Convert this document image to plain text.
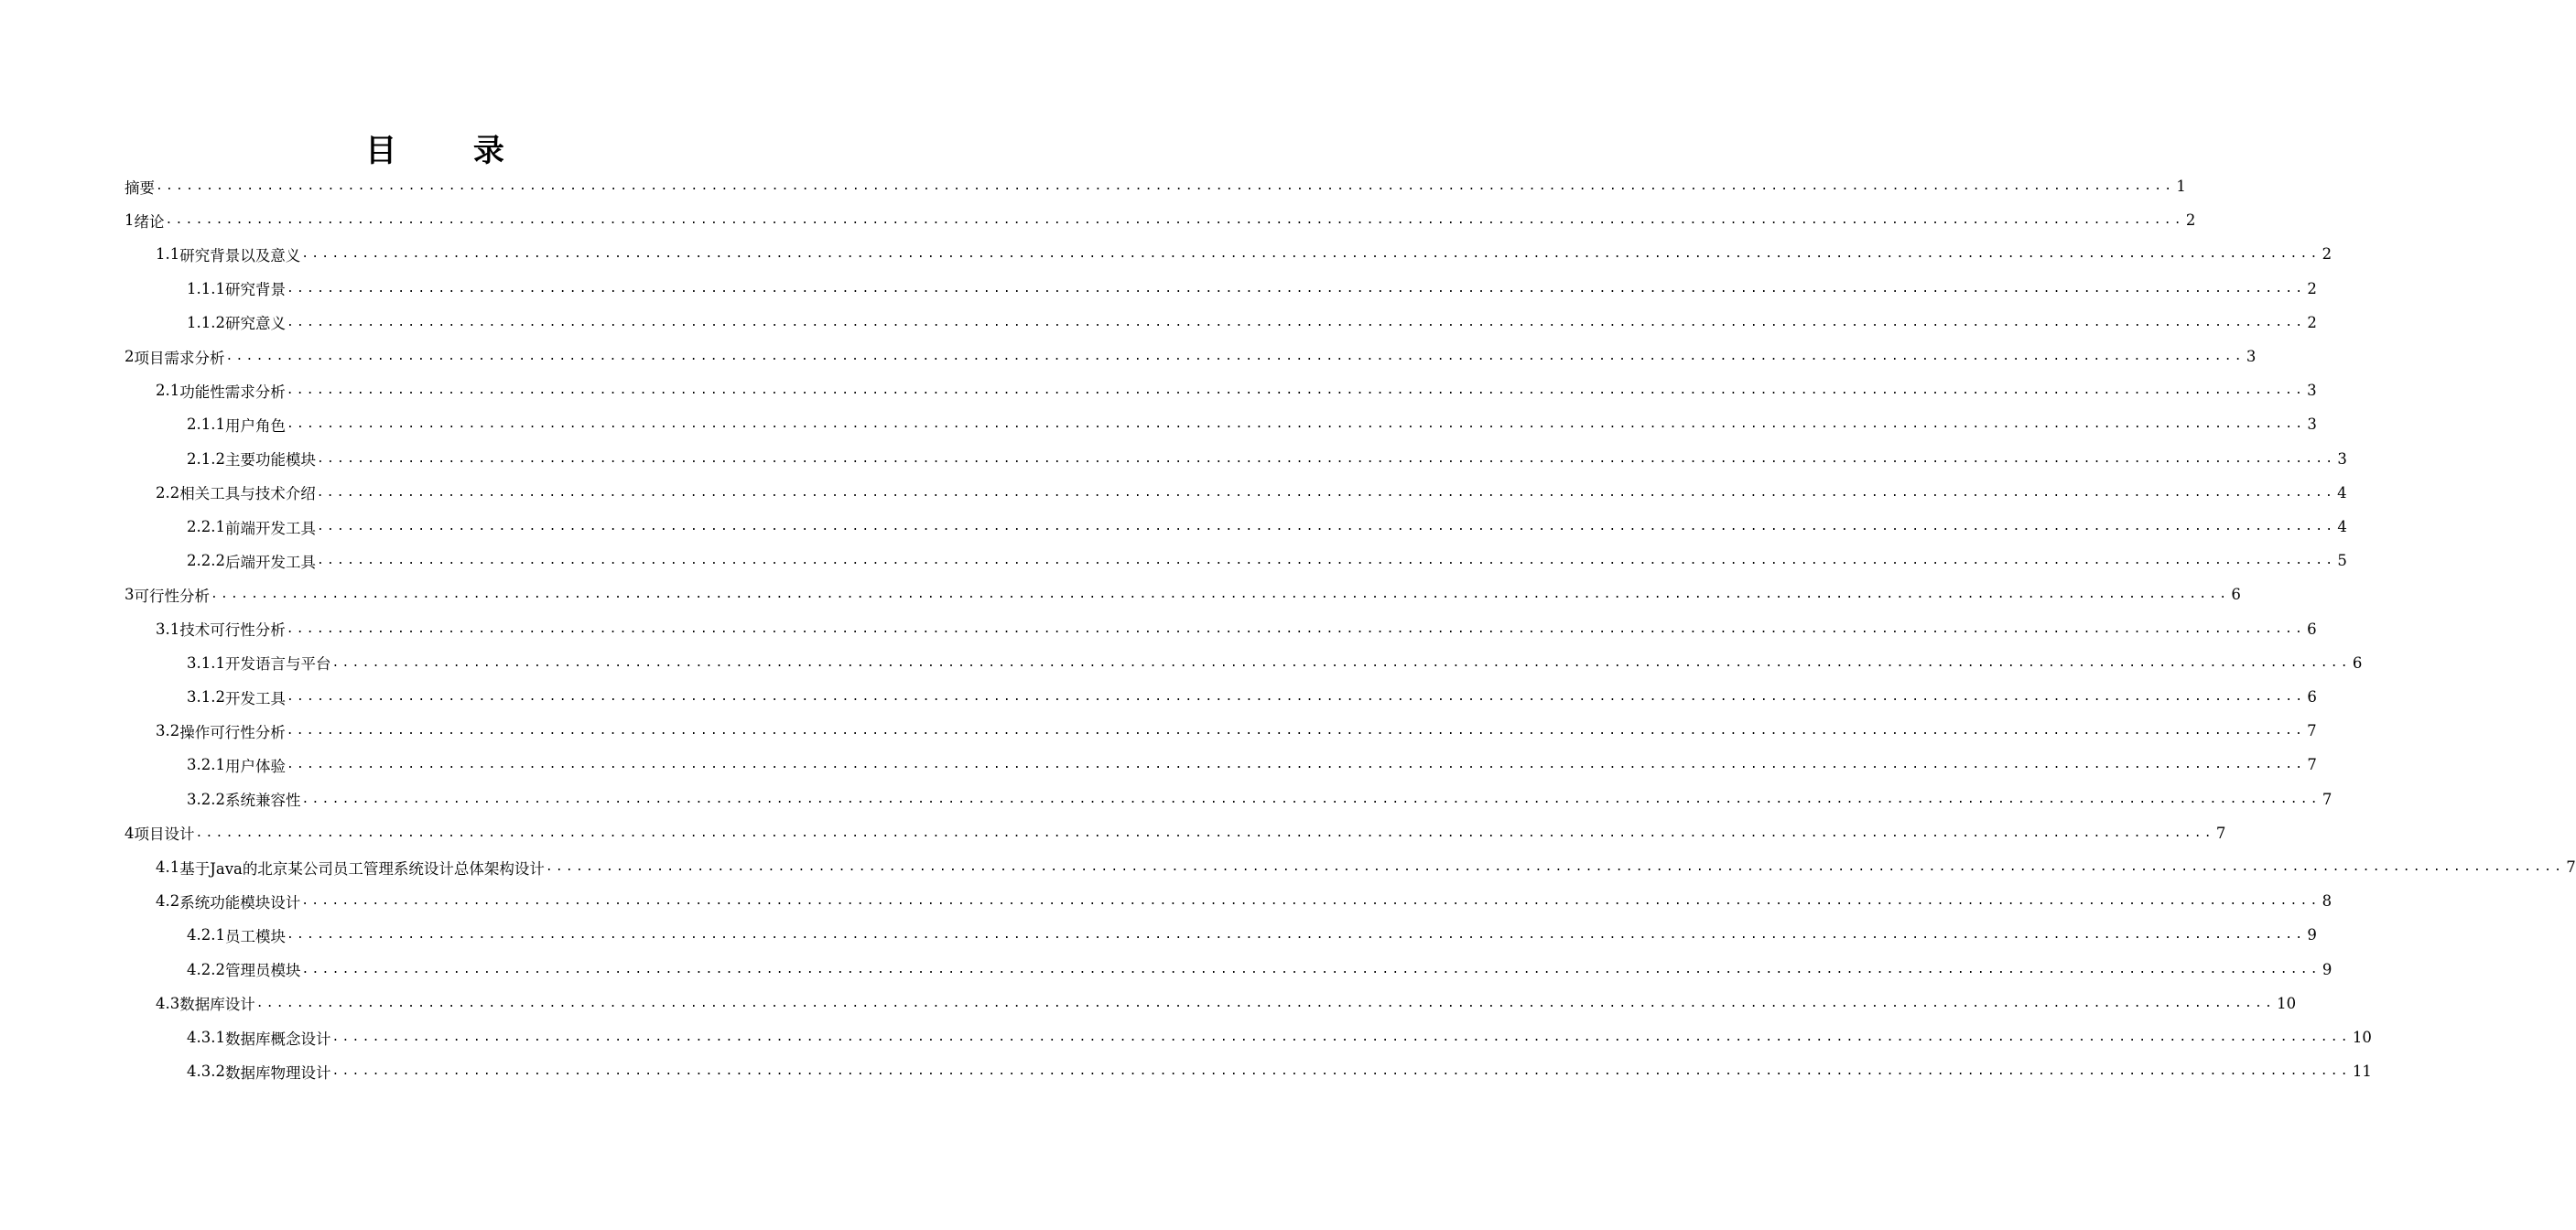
目 录
摘要 ........................................................................................................................................................................................................ 1
1 绪论 ........................................................................................................................................................................................................ 2
1.1 研究背景以及意义 ........................................................................................................................................................................................................ 2
1.1.1 研究背景 ........................................................................................................................................................................................................ 2
1.1.2 研究意义 ........................................................................................................................................................................................................ 2
2 项目需求分析 ........................................................................................................................................................................................................ 3
2.1 功能性需求分析 ........................................................................................................................................................................................................ 3
2.1.1 用户角色 ........................................................................................................................................................................................................ 3
2.1.2 主要功能模块 ........................................................................................................................................................................................................ 3
2.2 相关工具与技术介绍 ........................................................................................................................................................................................................ 4
2.2.1 前端开发工具 ........................................................................................................................................................................................................ 4
2.2.2 后端开发工具 ........................................................................................................................................................................................................ 5
3 可行性分析 ........................................................................................................................................................................................................ 6
3.1 技术可行性分析 ........................................................................................................................................................................................................ 6
3.1.1 开发语言与平台 ........................................................................................................................................................................................................ 6
3.1.2 开发工具 ........................................................................................................................................................................................................ 6
3.2 操作可行性分析 ........................................................................................................................................................................................................ 7
3.2.1 用户体验 ........................................................................................................................................................................................................ 7
3.2.2 系统兼容性 ........................................................................................................................................................................................................ 7
4 项目设计 ........................................................................................................................................................................................................ 7
4.1 基于Java的北京某公司员工管理系统设计总体架构设计 ........................................................................................................................................................................................................ 7
4.2 系统功能模块设计 ........................................................................................................................................................................................................ 8
4.2.1 员工模块 ........................................................................................................................................................................................................ 9
4.2.2 管理员模块 ........................................................................................................................................................................................................ 9
4.3 数据库设计 ........................................................................................................................................................................................................ 10
4.3.1 数据库概念设计 ........................................................................................................................................................................................................ 10
4.3.2 数据库物理设计 ........................................................................................................................................................................................................ 11
